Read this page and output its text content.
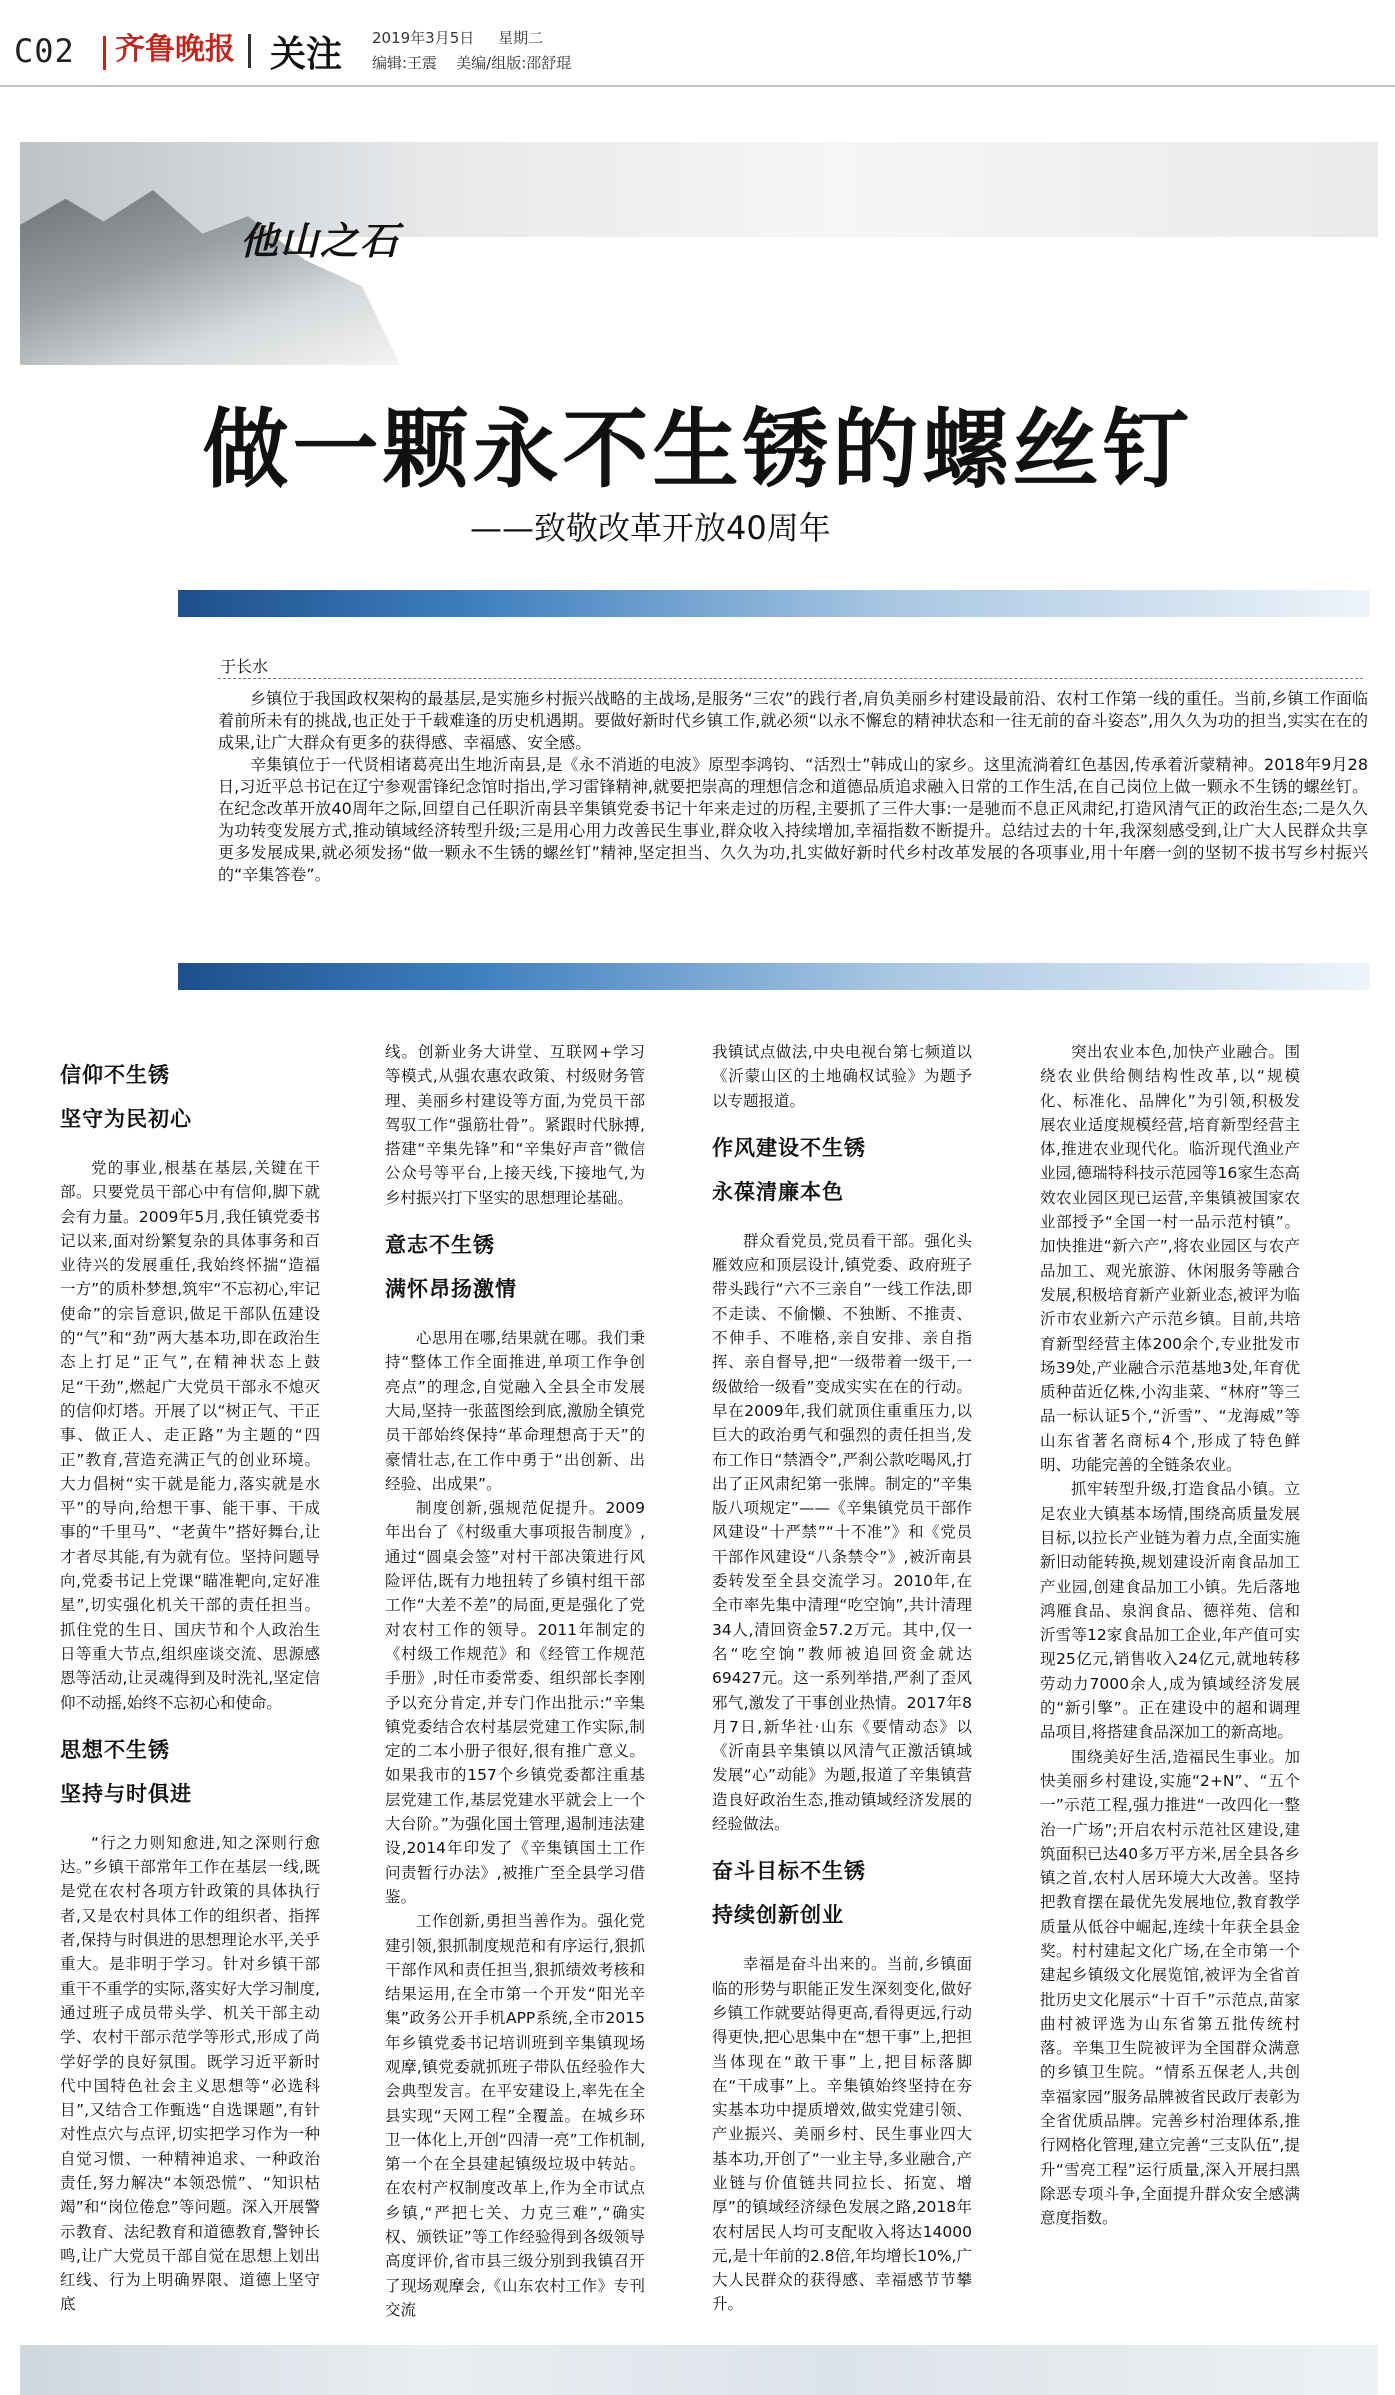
C02 齐鲁晚报 关注 2019年3月5日 星期二
编辑:王震 美编/组版:邵舒琨
他山之石
做一颗永不生锈的螺丝钉
——致敬改革开放40周年
于长水

乡镇位于我国政权架构的最基层,是实施乡村振兴战略的主战场,是服务“三农”的践行者,肩负美丽乡村建设最前沿、农村工作第一线的重任。当前,乡镇工作面临着前所未有的挑战,也正处于千载难逢的历史机遇期。要做好新时代乡镇工作,就必须“以永不懈怠的精神状态和一往无前的奋斗姿态”,用久久为功的担当,实实在在的成果,让广大群众有更多的获得感、幸福感、安全感。

辛集镇位于一代贤相诸葛亮出生地沂南县,是《永不消逝的电波》原型李鸿钧、“活烈士”韩成山的家乡。这里流淌着红色基因,传承着沂蒙精神。2018年9月28日,习近平总书记在辽宁参观雷锋纪念馆时指出,学习雷锋精神,就要把崇高的理想信念和道德品质追求融入日常的工作生活,在自己岗位上做一颗永不生锈的螺丝钉。在纪念改革开放40周年之际,回望自己任职沂南县辛集镇党委书记十年来走过的历程,主要抓了三件大事:一是驰而不息正风肃纪,打造风清气正的政治生态;二是久久为功转变发展方式,推动镇域经济转型升级;三是用心用力改善民生事业,群众收入持续增加,幸福指数不断提升。总结过去的十年,我深刻感受到,让广大人民群众共享更多发展成果,就必须发扬“做一颗永不生锈的螺丝钉”精神,坚定担当、久久为功,扎实做好新时代乡村改革发展的各项事业,用十年磨一剑的坚韧不拔书写乡村振兴的“辛集答卷”。

信仰不生锈
坚守为民初心

党的事业,根基在基层,关键在干部。只要党员干部心中有信仰,脚下就会有力量。2009年5月,我任镇党委书记以来,面对纷繁复杂的具体事务和百业待兴的发展重任,我始终怀揣“造福一方”的质朴梦想,筑牢“不忘初心,牢记使命”的宗旨意识,做足干部队伍建设的“气”和“劲”两大基本功,即在政治生态上打足“正气”,在精神状态上鼓足“干劲”,燃起广大党员干部永不熄灭的信仰灯塔。开展了以“树正气、干正事、做正人、走正路”为主题的“四正”教育,营造充满正气的创业环境。大力倡树“实干就是能力,落实就是水平”的导向,给想干事、能干事、干成事的“千里马”、“老黄牛”搭好舞台,让才者尽其能,有为就有位。坚持问题导向,党委书记上党课“瞄准靶向,定好准星”,切实强化机关干部的责任担当。抓住党的生日、国庆节和个人政治生日等重大节点,组织座谈交流、思源感恩等活动,让灵魂得到及时洗礼,坚定信仰不动摇,始终不忘初心和使命。

思想不生锈
坚持与时俱进

“行之力则知愈进,知之深则行愈达。”乡镇干部常年工作在基层一线,既是党在农村各项方针政策的具体执行者,又是农村具体工作的组织者、指挥者,保持与时俱进的思想理论水平,关乎重大。是非明于学习。针对乡镇干部重干不重学的实际,落实好大学习制度,通过班子成员带头学、机关干部主动学、农村干部示范学等形式,形成了尚学好学的良好氛围。既学习近平新时代中国特色社会主义思想等“必选科目”,又结合工作甄选“自选课题”,有针对性点穴与点评,切实把学习作为一种自觉习惯、一种精神追求、一种政治责任,努力解决“本领恐慌”、“知识枯竭”和“岗位倦怠”等问题。深入开展警示教育、法纪教育和道德教育,警钟长鸣,让广大党员干部自觉在思想上划出红线、行为上明确界限、道德上坚守底

线。创新业务大讲堂、互联网+学习等模式,从强农惠农政策、村级财务管理、美丽乡村建设等方面,为党员干部驾驭工作“强筋壮骨”。紧跟时代脉搏,搭建“辛集先锋”和“辛集好声音”微信公众号等平台,上接天线,下接地气,为乡村振兴打下坚实的思想理论基础。

意志不生锈
满怀昂扬激情

心思用在哪,结果就在哪。我们秉持“整体工作全面推进,单项工作争创亮点”的理念,自觉融入全县全市发展大局,坚持一张蓝图绘到底,激励全镇党员干部始终保持“革命理想高于天”的豪情壮志,在工作中勇于“出创新、出经验、出成果”。

制度创新,强规范促提升。2009年出台了《村级重大事项报告制度》,通过“圆桌会签”对村干部决策进行风险评估,既有力地扭转了乡镇村组干部工作“大差不差”的局面,更是强化了党对农村工作的领导。2011年制定的《村级工作规范》和《经管工作规范手册》,时任市委常委、组织部长李刚予以充分肯定,并专门作出批示:“辛集镇党委结合农村基层党建工作实际,制定的二本小册子很好,很有推广意义。如果我市的157个乡镇党委都注重基层党建工作,基层党建水平就会上一个大台阶。”为强化国土管理,遏制违法建设,2014年印发了《辛集镇国土工作问责暂行办法》,被推广至全县学习借鉴。

工作创新,勇担当善作为。强化党建引领,狠抓制度规范和有序运行,狠抓干部作风和责任担当,狠抓绩效考核和结果运用,在全市第一个开发“阳光辛集”政务公开手机APP系统,全市2015年乡镇党委书记培训班到辛集镇现场观摩,镇党委就抓班子带队伍经验作大会典型发言。在平安建设上,率先在全县实现“天网工程”全覆盖。在城乡环卫一体化上,开创“四清一亮”工作机制,第一个在全县建起镇级垃圾中转站。在农村产权制度改革上,作为全市试点乡镇,“严把七关、力克三难”,“确实权、颁铁证”等工作经验得到各级领导高度评价,省市县三级分别到我镇召开了现场观摩会,《山东农村工作》专刊交流

我镇试点做法,中央电视台第七频道以《沂蒙山区的土地确权试验》为题予以专题报道。

作风建设不生锈
永葆清廉本色

群众看党员,党员看干部。强化头雁效应和顶层设计,镇党委、政府班子带头践行“六不三亲自”一线工作法,即不走读、不偷懒、不独断、不推责、不伸手、不唯格,亲自安排、亲自指挥、亲自督导,把“一级带着一级干,一级做给一级看”变成实实在在的行动。早在2009年,我们就顶住重重压力,以巨大的政治勇气和强烈的责任担当,发布工作日“禁酒令”,严刹公款吃喝风,打出了正风肃纪第一张牌。制定的“辛集版八项规定”——《辛集镇党员干部作风建设“十严禁”“十不准”》和《党员干部作风建设“八条禁令”》,被沂南县委转发至全县交流学习。2010年,在全市率先集中清理“吃空饷”,共计清理34人,清回资金57.2万元。其中,仅一名“吃空饷”教师被追回资金就达69427元。这一系列举措,严刹了歪风邪气,激发了干事创业热情。2017年8月7日,新华社·山东《要情动态》以《沂南县辛集镇以风清气正激活镇域发展“心”动能》为题,报道了辛集镇营造良好政治生态,推动镇域经济发展的经验做法。

奋斗目标不生锈
持续创新创业

幸福是奋斗出来的。当前,乡镇面临的形势与职能正发生深刻变化,做好乡镇工作就要站得更高,看得更远,行动得更快,把心思集中在“想干事”上,把担当体现在“敢干事”上,把目标落脚在“干成事”上。辛集镇始终坚持在夯实基本功中提质增效,做实党建引领、产业振兴、美丽乡村、民生事业四大基本功,开创了“一业主导,多业融合,产业链与价值链共同拉长、拓宽、增厚”的镇域经济绿色发展之路,2018年农村居民人均可支配收入将达14000元,是十年前的2.8倍,年均增长10%,广大人民群众的获得感、幸福感节节攀升。

突出农业本色,加快产业融合。围绕农业供给侧结构性改革,以“规模化、标准化、品牌化”为引领,积极发展农业适度规模经营,培育新型经营主体,推进农业现代化。临沂现代渔业产业园,德瑞特科技示范园等16家生态高效农业园区现已运营,辛集镇被国家农业部授予“全国一村一品示范村镇”。加快推进“新六产”,将农业园区与农产品加工、观光旅游、休闲服务等融合发展,积极培育新产业新业态,被评为临沂市农业新六产示范乡镇。目前,共培育新型经营主体200余个,专业批发市场39处,产业融合示范基地3处,年育优质种苗近亿株,小沟韭菜、“林府”等三品一标认证5个,“沂雪”、“龙海威”等山东省著名商标4个,形成了特色鲜明、功能完善的全链条农业。

抓牢转型升级,打造食品小镇。立足农业大镇基本场情,围绕高质量发展目标,以拉长产业链为着力点,全面实施新旧动能转换,规划建设沂南食品加工产业园,创建食品加工小镇。先后落地鸿雁食品、泉润食品、德祥苑、信和沂雪等12家食品加工企业,年产值可实现25亿元,销售收入24亿元,就地转移劳动力7000余人,成为镇域经济发展的“新引擎”。正在建设中的超和调理品项目,将搭建食品深加工的新高地。

围绕美好生活,造福民生事业。加快美丽乡村建设,实施“2+N”、“五个一”示范工程,强力推进“一改四化一整治一广场”;开启农村示范社区建设,建筑面积已达40多万平方米,居全县各乡镇之首,农村人居环境大大改善。坚持把教育摆在最优先发展地位,教育教学质量从低谷中崛起,连续十年获全县金奖。村村建起文化广场,在全市第一个建起乡镇级文化展览馆,被评为全省首批历史文化展示“十百千”示范点,苗家曲村被评选为山东省第五批传统村落。辛集卫生院被评为全国群众满意的乡镇卫生院。“情系五保老人,共创幸福家园”服务品牌被省民政厅表彰为全省优质品牌。完善乡村治理体系,推行网格化管理,建立完善“三支队伍”,提升“雪亮工程”运行质量,深入开展扫黑除恶专项斗争,全面提升群众安全感满意度指数。
